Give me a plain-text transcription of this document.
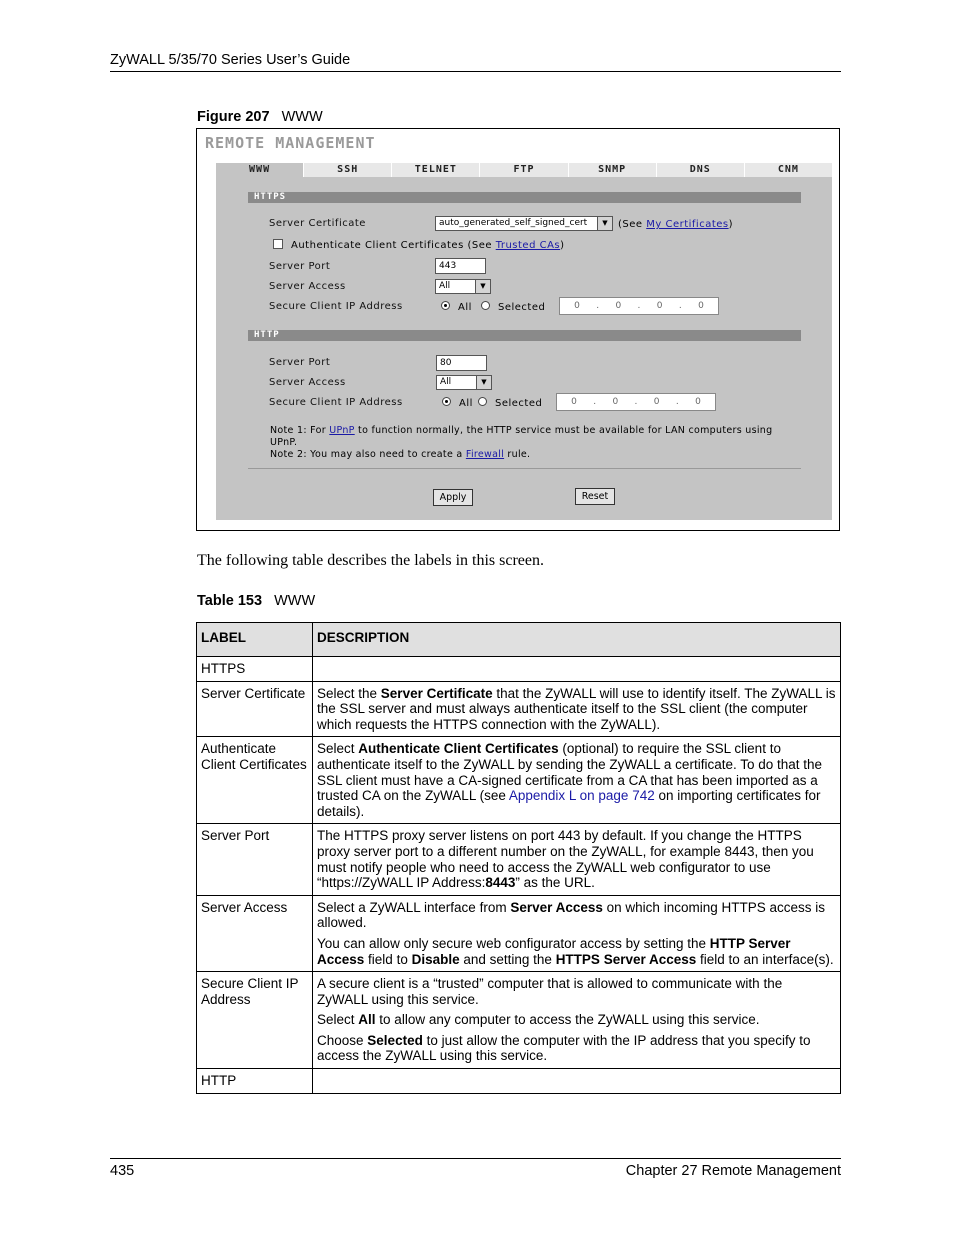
ZyWALL 5/35/70 Series User’s Guide
Figure 207 WWW
REMOTE MANAGEMENT
WWW	SSH	TELNET	FTP	SNMP	DNS	CNM
HTTPS
Server Certificate	auto_generated_self_signed_cert	▼	(See My Certificates)
Authenticate Client Certificates (See Trusted CAs)
Server Port	443
Server Access	All	▼
Secure Client IP Address	All	Selected	0 . 0 . 0 . 0
HTTP
Server Port	80
Server Access	All	▼
Secure Client IP Address	All Selected	0 . 0 . 0 . 0
Note 1: For UPnP to function normally, the HTTP service must be available for LAN computers using UPnP.
Note 2: You may also need to create a Firewall rule.
Apply	Reset
The following table describes the labels in this screen.
Table 153 WWW
LABEL	DESCRIPTION
HTTPS	
Server Certificate	Select the Server Certificate that the ZyWALL will use to identify itself. The ZyWALL is the SSL server and must always authenticate itself to the SSL client (the computer which requests the HTTPS connection with the ZyWALL).
Authenticate Client Certificates	Select Authenticate Client Certificates (optional) to require the SSL client to authenticate itself to the ZyWALL by sending the ZyWALL a certificate. To do that the SSL client must have a CA-signed certificate from a CA that has been imported as a trusted CA on the ZyWALL (see Appendix L on page 742 on importing certificates for details).
Server Port	The HTTPS proxy server listens on port 443 by default. If you change the HTTPS proxy server port to a different number on the ZyWALL, for example 8443, then you must notify people who need to access the ZyWALL web configurator to use “https://ZyWALL IP Address:8443” as the URL.
Server Access	Select a ZyWALL interface from Server Access on which incoming HTTPS access is allowed.

You can allow only secure web configurator access by setting the HTTP Server Access field to Disable and setting the HTTPS Server Access field to an interface(s).

Secure Client IP Address	A secure client is a “trusted” computer that is allowed to communicate with the ZyWALL using this service.

Select All to allow any computer to access the ZyWALL using this service.

Choose Selected to just allow the computer with the IP address that you specify to access the ZyWALL using this service.

HTTP	
435	Chapter 27 Remote Management
